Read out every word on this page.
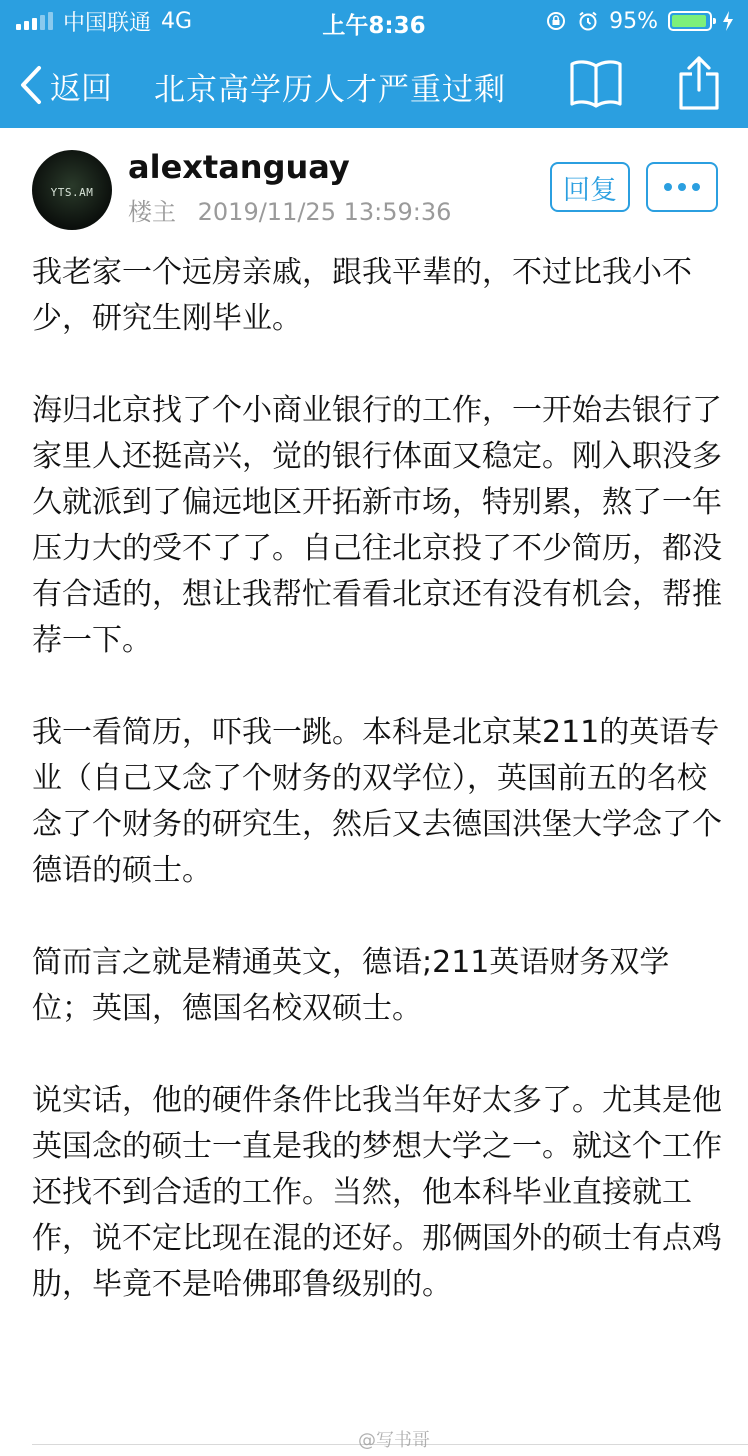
中国联通 4G	上午8:36	95%
返回 北京高学历人才严重过剩
YTS.AM
alextanguay
楼主 2019/11/25 13:59:36
回复

我老家一个远房亲戚，跟我平辈的，不过比我小不少，研究生刚毕业。

海归北京找了个小商业银行的工作，一开始去银行了家里人还挺高兴，觉的银行体面又稳定。刚入职没多久就派到了偏远地区开拓新市场，特别累，熬了一年压力大的受不了了。自己往北京投了不少简历，都没有合适的，想让我帮忙看看北京还有没有机会，帮推荐一下。

我一看简历，吓我一跳。本科是北京某211的英语专业（自己又念了个财务的双学位），英国前五的名校念了个财务的研究生，然后又去德国洪堡大学念了个德语的硕士。

简而言之就是精通英文，德语;211英语财务双学位；英国，德国名校双硕士。

说实话，他的硬件条件比我当年好太多了。尤其是他英国念的硕士一直是我的梦想大学之一。就这个工作还找不到合适的工作。当然，他本科毕业直接就工作，说不定比现在混的还好。那俩国外的硕士有点鸡肋，毕竟不是哈佛耶鲁级别的。

@写书哥
